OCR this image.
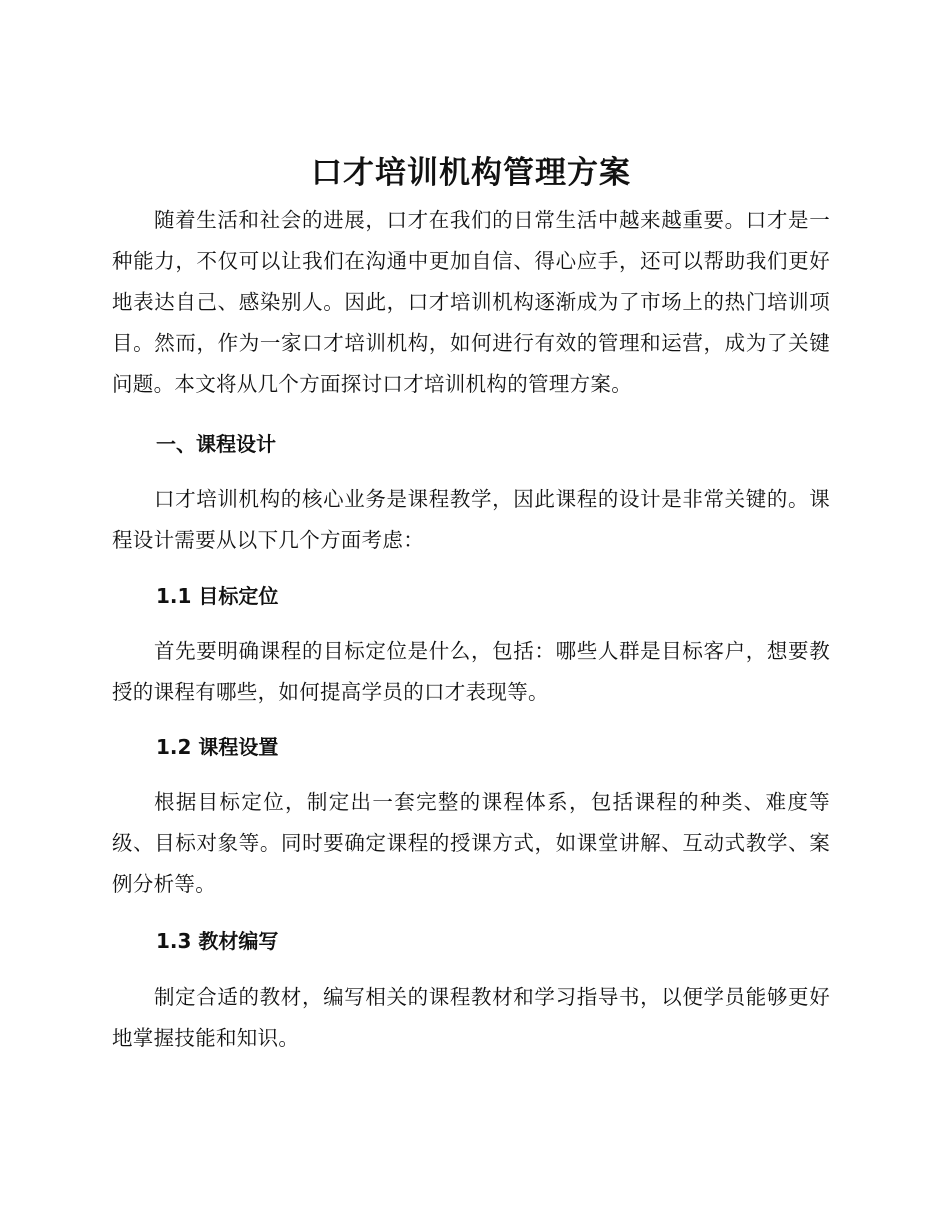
口才培训机构管理方案

随着生活和社会的进展，口才在我们的日常生活中越来越重要。口才是一种能力，不仅可以让我们在沟通中更加自信、得心应手，还可以帮助我们更好地表达自己、感染别人。因此，口才培训机构逐渐成为了市场上的热门培训项目。然而，作为一家口才培训机构，如何进行有效的管理和运营，成为了关键问题。本文将从几个方面探讨口才培训机构的管理方案。

一、课程设计

口才培训机构的核心业务是课程教学，因此课程的设计是非常关键的。课程设计需要从以下几个方面考虑：

1.1 目标定位

首先要明确课程的目标定位是什么，包括：哪些人群是目标客户，想要教授的课程有哪些，如何提高学员的口才表现等。

1.2 课程设置

根据目标定位，制定出一套完整的课程体系，包括课程的种类、难度等级、目标对象等。同时要确定课程的授课方式，如课堂讲解、互动式教学、案例分析等。

1.3 教材编写

制定合适的教材，编写相关的课程教材和学习指导书，以便学员能够更好地掌握技能和知识。
